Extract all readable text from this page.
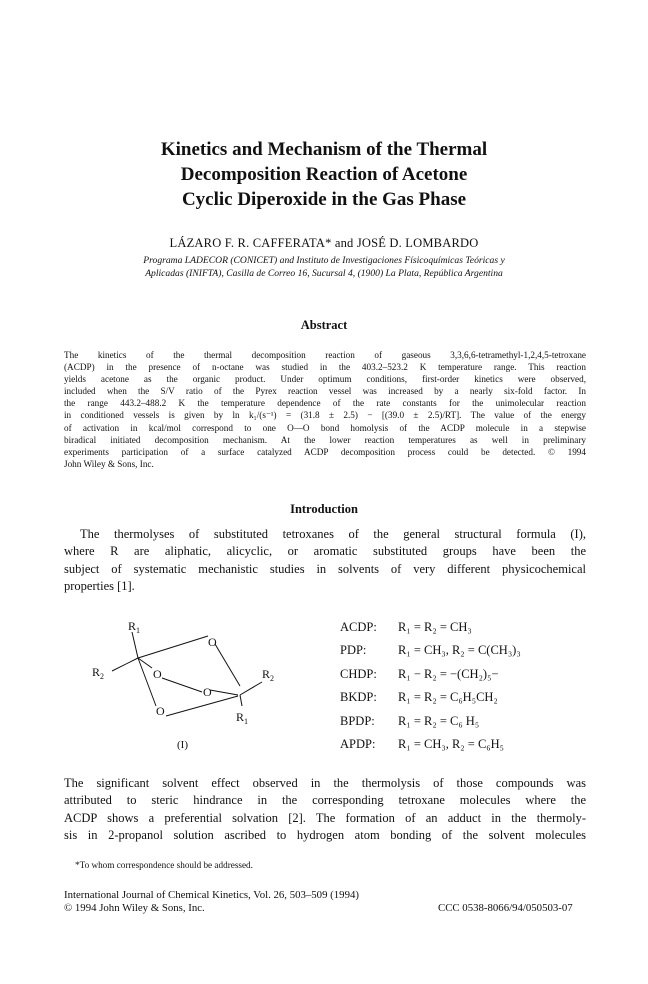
Kinetics and Mechanism of the Thermal
Decomposition Reaction of Acetone
Cyclic Diperoxide in the Gas Phase
LÁZARO F. R. CAFFERATA* and JOSÉ D. LOMBARDO
Programa LADECOR (CONICET) and Instituto de Investigaciones Físicoquímicas Teóricas y
Aplicadas (INIFTA), Casilla de Correo 16, Sucursal 4, (1900) La Plata, República Argentina
Abstract
The kinetics of the thermal decomposition reaction of gaseous 3,3,6,6-tetramethyl-1,2,4,5-tetroxane
(ACDP) in the presence of n-octane was studied in the 403.2–523.2 K temperature range. This reaction
yields acetone as the organic product. Under optimum conditions, first-order kinetics were observed,
included when the S/V ratio of the Pyrex reaction vessel was increased by a nearly six-fold factor. In
the range 443.2–488.2 K the temperature dependence of the rate constants for the unimolecular reaction
in conditioned vessels is given by ln k₁/(s⁻¹) = (31.8 ± 2.5) − [(39.0 ± 2.5)/RT]. The value of the energy
of activation in kcal/mol correspond to one O—O bond homolysis of the ACDP molecule in a stepwise
biradical initiated decomposition mechanism. At the lower reaction temperatures as well in preliminary
experiments participation of a surface catalyzed ACDP decomposition process could be detected. © 1994
John Wiley & Sons, Inc.
Introduction
The thermolyses of substituted tetroxanes of the general structural formula (I),
where R are aliphatic, alicyclic, or aromatic substituted groups have been the
subject of systematic mechanistic studies in solvents of very different physicochemical
properties [1].
$R_1$
$R_2$
O
O
O
O
$R_2$
$R_1$
(I)
ACDP: R₁ = R₂ = CH₃
PDP:	R₁ = CH₃, R₂ = C(CH₃)₃
CHDP: R₁ − R₂ = −(CH₂)₅−
BKDP: R₁ = R₂ = C₆H₅CH₂
BPDP: R₁ = R₂ = C₆ H₅
APDP: R₁ = CH₃, R₂ = C₆H₅
The significant solvent effect observed in the thermolysis of those compounds was
attributed to steric hindrance in the corresponding tetroxane molecules where the
ACDP shows a preferential solvation [2]. The formation of an adduct in the thermoly-
sis in 2-propanol solution ascribed to hydrogen atom bonding of the solvent molecules
*To whom correspondence should be addressed.
International Journal of Chemical Kinetics, Vol. 26, 503–509 (1994)
© 1994 John Wiley & Sons, Inc.	CCC 0538-8066/94/050503-07
